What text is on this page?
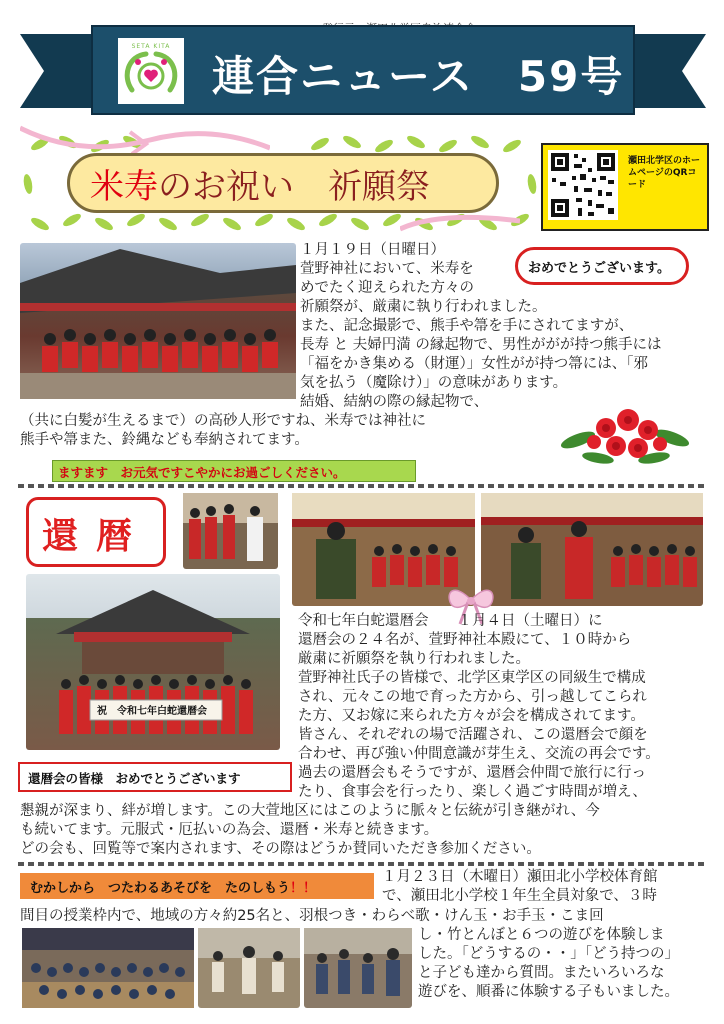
SETA KITA
連合ニュース　59号
米寿のお祝い　祈願祭
瀬田北学区のホームページのQRコード
おめでとうございます。
１月１９日（日曜日）
萱野神社において、米寿を
めでたく迎えられた方々の
祈願祭が、厳粛に執り行われました。
また、記念撮影で、熊手や箒を手にされてますが、
長寿 と 夫婦円満 の縁起物で、男性ががが持つ熊手には
「福をかき集める（財運）」女性がが持つ箒には、「邪
気を払う（魔除け）」の意味があります。
結婚、結納の際の縁起物で、
（共に白髪が生えるまで）の高砂人形ですね、米寿では神社に
熊手や箒また、鈴縄なども奉納されてます。
ますます　お元気ですこやかにお過ごしください。
還暦
祝　令和七年白蛇還暦会
令和七年白蛇還暦会　　１月４日（土曜日）に
還暦会の２４名が、萱野神社本殿にて、１０時から
厳粛に祈願祭を執り行われました。
萱野神社氏子の皆様で、北学区東学区の同級生で構成
され、元々この地で育った方から、引っ越してこられ
た方、又お嫁に来られた方々が会を構成されてます。
皆さん、それぞれの場で活躍され、この還暦会で顔を
合わせ、再び強い仲間意識が芽生え、交流の再会です。
過去の還暦会もそうですが、還暦会仲間で旅行に行っ
たり、食事会を行ったり、楽しく過ごす時間が増え、
還暦会の皆様　おめでとうございます
懇親が深まり、絆が増します。この大萱地区にはこのように脈々と伝統が引き継がれ、今
も続いてます。元服式・厄払いの為会、還暦・米寿と続きます。
どの会も、回覧等で案内されます、その際はどうか賛同いただき参加ください。
むかしから　つたわるあそびを　たのしもう！！
１月２３日（木曜日）瀬田北小学校体育館
で、瀬田北小学校１年生全員対象で、３時
間目の授業枠内で、地域の方々約25名と、羽根つき・わらべ歌・けん玉・お手玉・こま回
し・竹とんぼと６つの遊びを体験しま
した。「どうするの・・」「どう持つの」
と子ども達から質問。またいろいろな
遊びを、順番に体験する子もいました。
